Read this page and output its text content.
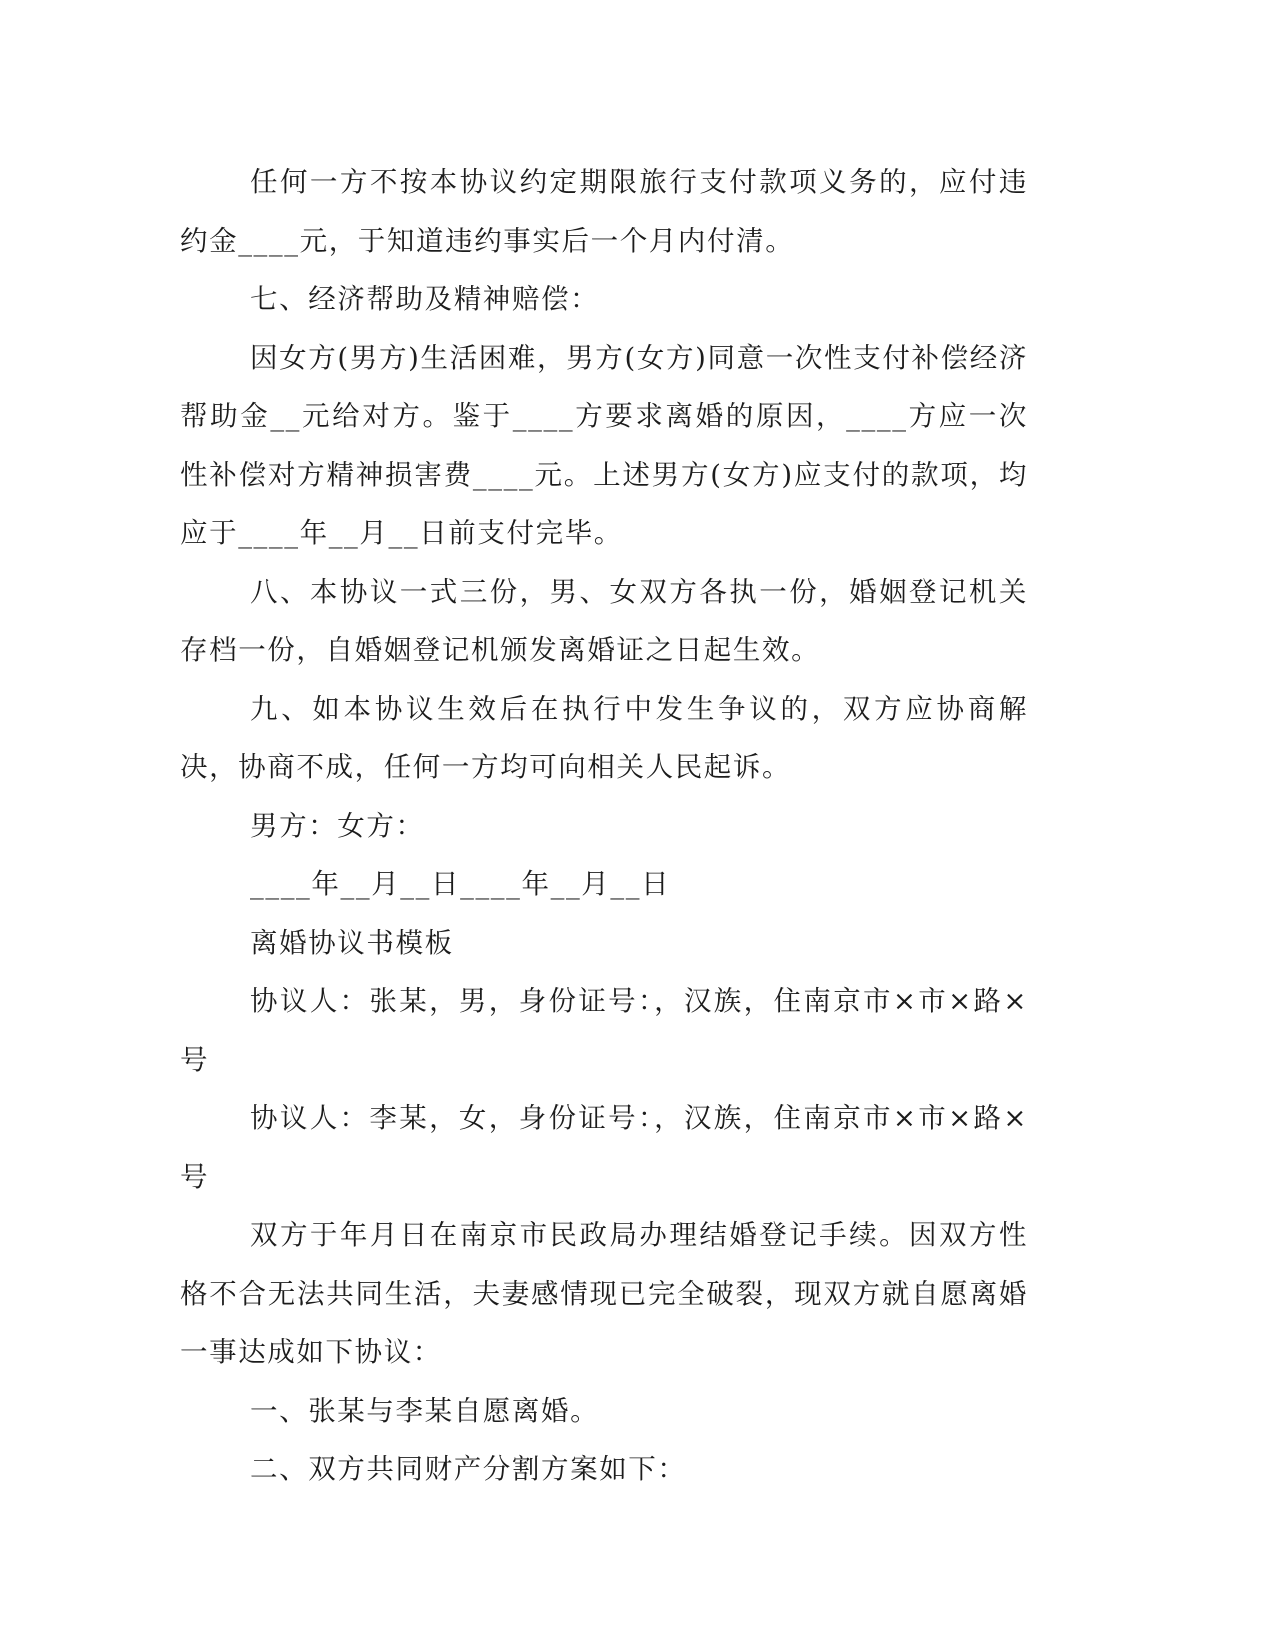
任何一方不按本协议约定期限旅行支付款项义务的，应付违约金____元，于知道违约事实后一个月内付清。

七、经济帮助及精神赔偿：

因女方(男方)生活困难，男方(女方)同意一次性支付补偿经济帮助金__元给对方。鉴于____方要求离婚的原因，____方应一次性补偿对方精神损害费____元。上述男方(女方)应支付的款项，均应于____年__月__日前支付完毕。

八、本协议一式三份，男、女双方各执一份，婚姻登记机关存档一份，自婚姻登记机颁发离婚证之日起生效。

九、如本协议生效后在执行中发生争议的，双方应协商解决，协商不成，任何一方均可向相关人民起诉。

男方：女方：

____年__月__日____年__月__日

离婚协议书模板

协议人：张某，男，身份证号：，汉族，住南京市×市×路×号

协议人：李某，女，身份证号：，汉族，住南京市×市×路×号

双方于年月日在南京市民政局办理结婚登记手续。因双方性格不合无法共同生活，夫妻感情现已完全破裂，现双方就自愿离婚一事达成如下协议：

一、张某与李某自愿离婚。

二、双方共同财产分割方案如下：
